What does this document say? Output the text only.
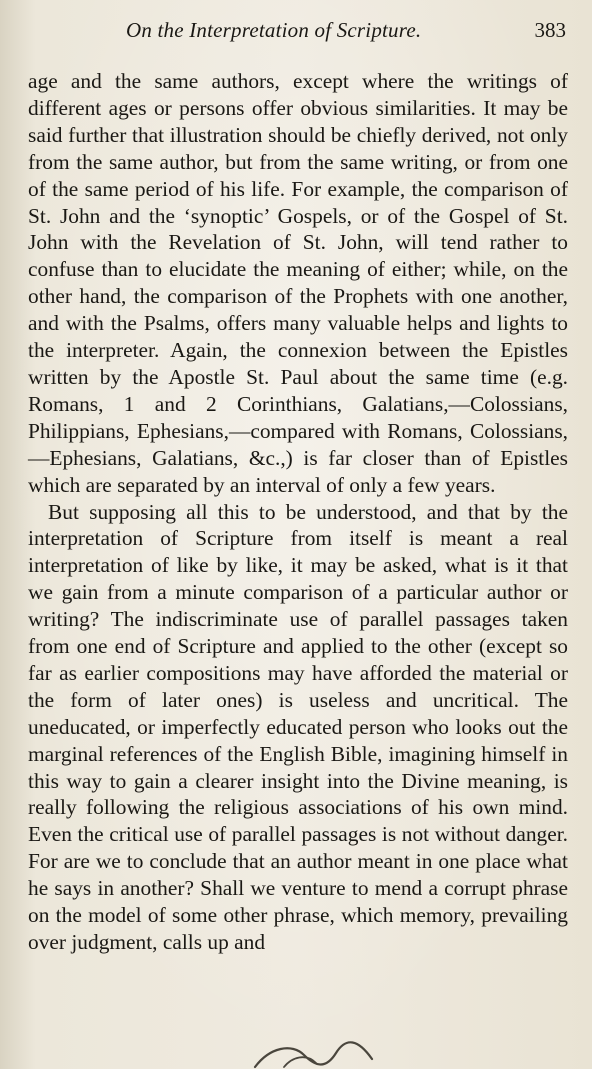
On the Interpretation of Scripture.	383

age and the same authors, except where the writings of different ages or persons offer obvious similarities. It may be said further that illustration should be chiefly derived, not only from the same author, but from the same writing, or from one of the same period of his life. For example, the comparison of St. John and the ‘synoptic’ Gospels, or of the Gospel of St. John with the Revelation of St. John, will tend rather to confuse than to elucidate the meaning of either; while, on the other hand, the comparison of the Prophets with one another, and with the Psalms, offers many valuable helps and lights to the interpreter. Again, the connexion between the Epistles written by the Apostle St. Paul about the same time (e.g. Romans, 1 and 2 Corinthians, Galatians,—Colossians, Philippians, Ephesians,—compared with Romans, Colossians,—Ephesians, Galatians, &c.,) is far closer than of Epistles which are separated by an interval of only a few years.

But supposing all this to be understood, and that by the interpretation of Scripture from itself is meant a real interpretation of like by like, it may be asked, what is it that we gain from a minute comparison of a particular author or writing? The indiscriminate use of parallel passages taken from one end of Scripture and applied to the other (except so far as earlier compositions may have afforded the material or the form of later ones) is useless and uncritical. The uneducated, or imperfectly educated person who looks out the marginal references of the English Bible, imagining himself in this way to gain a clearer insight into the Divine meaning, is really following the religious associations of his own mind. Even the critical use of parallel passages is not without danger. For are we to conclude that an author meant in one place what he says in another? Shall we venture to mend a corrupt phrase on the model of some other phrase, which memory, prevailing over judgment, calls up and
